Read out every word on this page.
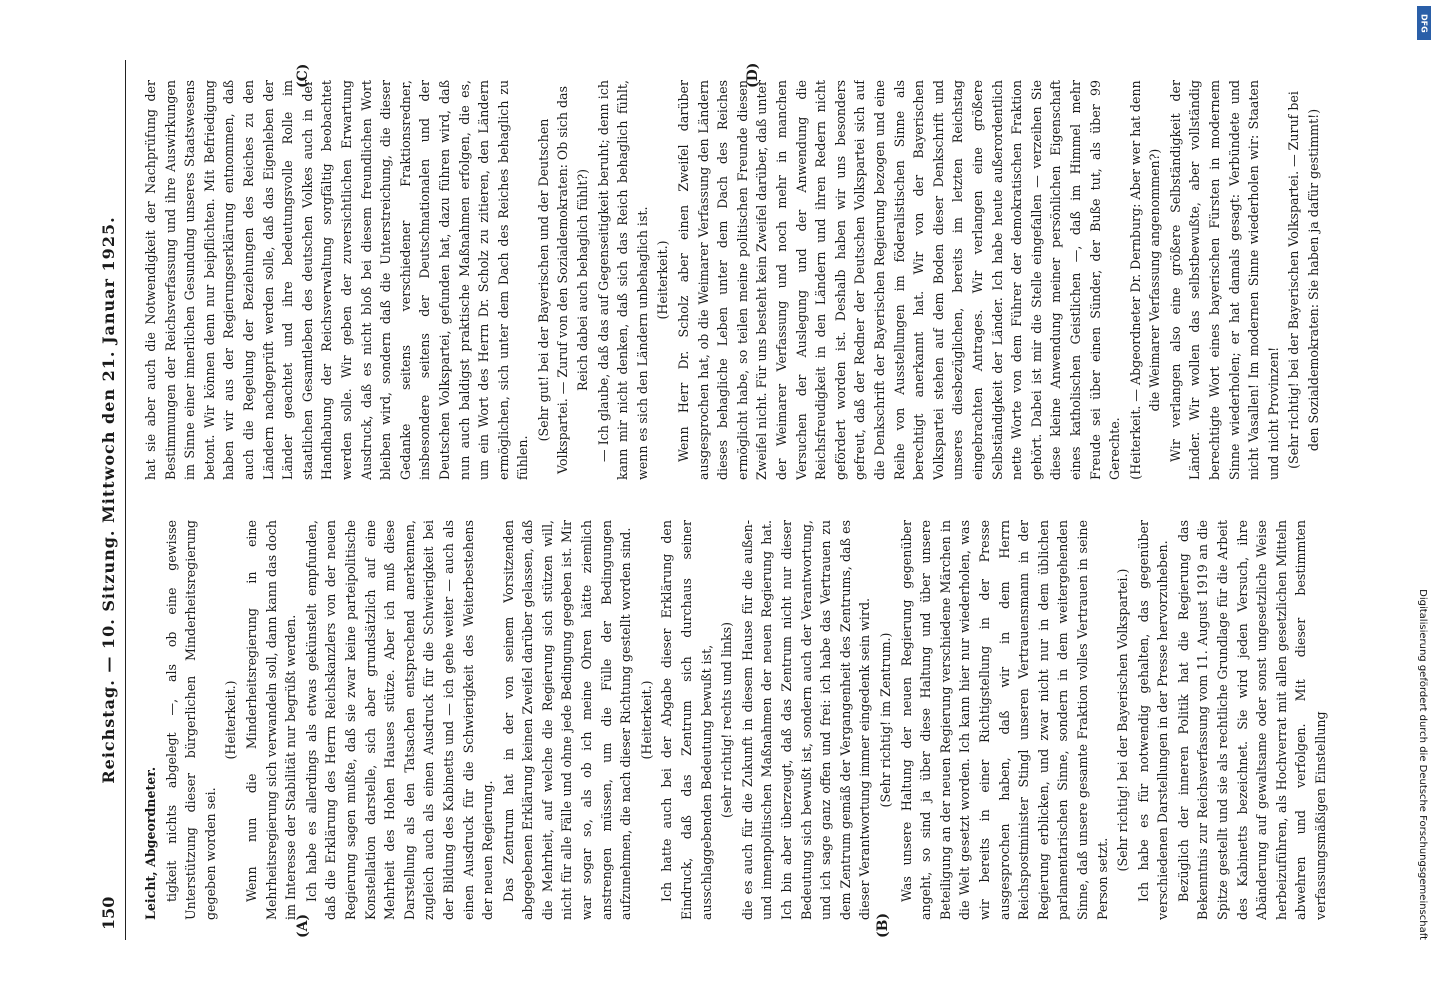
150
Reichstag. — 10. Sitzung. Mittwoch den 21. Januar 1925.
(A)	(B)
(C)	(D)

Leicht, Abgeordneter. tigkeit nichts abgelegt —, als ob eine gewisse Unterstützung dieser bürgerlichen Minderheitsregierung gegeben worden sei.

(Heiterkeit.) Wenn nun die Minderheitsregierung in eine Mehrheitsregierung sich verwandeln soll, dann kann das doch im Interesse der Stabilität nur begrüßt werden. Ich habe es allerdings als etwas gekünstelt empfunden, daß die Erklärung des Herrn Reichskanzlers von der neuen Regierung sagen mußte, daß sie zwar keine parteipolitische Konstellation darstelle, sich aber grundsätzlich auf eine Mehrheit des Hohen Hauses stütze. Aber ich muß diese Darstellung als den Tatsachen entsprechend anerkennen, zugleich auch als einen Ausdruck für die Schwierigkeit bei der Bildung des Kabinetts und — ich gehe weiter — auch als einen Ausdruck für die Schwierigkeit des Weiterbestehens der neuen Regierung. Das Zentrum hat in der von seinem Vorsitzenden abgegebenen Erklärung keinen Zweifel darüber gelassen, daß die Mehrheit, auf welche die Regierung sich stützen will, nicht für alle Fälle und ohne jede Bedingung gegeben ist. Mir war sogar so, als ob ich meine Ohren hätte ziemlich anstrengen müssen, um die Fülle der Bedingungen aufzunehmen, die nach dieser Richtung gestellt worden sind. (Heiterkeit.) Ich hatte auch bei der Abgabe dieser Erklärung den Eindruck, daß das Zentrum sich durchaus seiner ausschlaggebenden Bedeutung bewußt ist, (sehr richtig! rechts und links) die es auch für die Zukunft in diesem Hause für die außen- und innenpolitischen Maßnahmen der neuen Regierung hat. Ich bin aber überzeugt, daß das Zentrum nicht nur dieser Bedeutung sich bewußt ist, sondern auch der Verantwortung, und ich sage ganz offen und frei: ich habe das Vertrauen zu dem Zentrum gemäß der Vergangenheit des Zentrums, daß es dieser Verantwortung immer eingedenk sein wird. (Sehr richtig! im Zentrum.) Was unsere Haltung der neuen Regierung gegenüber angeht, so sind ja über diese Haltung und über unsere Beteiligung an der neuen Regierung verschiedene Märchen in die Welt gesetzt worden. Ich kann hier nur wiederholen, was wir bereits in einer Richtigstellung in der Presse ausgesprochen haben, daß wir in dem Herrn Reichspostminister Stingl unseren Vertrauensmann in der Regierung erblicken, und zwar nicht nur in dem üblichen parlamentarischen Sinne, sondern in dem weitergehenden Sinne, daß unsere gesamte Fraktion volles Vertrauen in seine Person setzt.

(Sehr richtig! bei der Bayerischen Volkspartei.) Ich habe es für notwendig gehalten, das gegenüber verschiedenen Darstellungen in der Presse hervorzuheben. Bezüglich der inneren Politik hat die Regierung das Bekenntnis zur Reichsverfassung vom 11. August 1919 an die Spitze gestellt und sie als rechtliche Grundlage für die Arbeit des Kabinetts bezeichnet. Sie wird jeden Versuch, ihre Abänderung auf gewaltsame oder sonst ungesetzliche Weise herbeizuführen, als Hochverrat mit allen gesetzlichen Mitteln abwehren und verfolgen. Mit dieser bestimmten verfassungsmäßigen Einstellung

hat sie aber auch die Notwendigkeit der Nachprüfung der Bestimmungen der Reichsverfassung und ihre Auswirkungen im Sinne einer innerlichen Gesundung unseres Staatswesens betont. Wir können denn nur beipflichten. Mit Befriedigung haben wir aus der Regierungserklärung entnommen, daß auch die Regelung der Beziehungen des Reiches zu den Ländern nachgeprüft werden solle, daß das Eigenleben der Länder geachtet und ihre bedeutungsvolle Rolle im staatlichen Gesamtleben des deutschen Volkes auch in der Handhabung der Reichsverwaltung sorgfältig beobachtet werden solle. Wir geben der zuversichtlichen Erwartung Ausdruck, daß es nicht bloß bei diesem freundlichen Wort bleiben wird, sondern daß die Unterstreichung, die dieser Gedanke seitens verschiedener Fraktionsredner, insbesondere seitens der Deutschnationalen und der Deutschen Volkspartei, gefunden hat, dazu führen wird, daß nun auch baldigst praktische Maßnahmen erfolgen, die es, um ein Wort des Herrn Dr. Scholz zu zitieren, den Ländern ermöglichen, sich unter dem Dach des Reiches behaglich zu fühlen.

(Sehr gut! bei der Bayerischen und der Deutschen Volkspartei. — Zuruf von den Sozialdemokraten: Ob sich das Reich dabei auch behaglich fühlt?) — Ich glaube, daß das auf Gegenseitigkeit beruht; denn ich kann mir nicht denken, daß sich das Reich behaglich fühlt, wenn es sich den Ländern unbehaglich ist. (Heiterkeit.) Wenn Herr Dr. Scholz aber einen Zweifel darüber ausgesprochen hat, ob die Weimarer Verfassung den Ländern dieses behagliche Leben unter dem Dach des Reiches ermöglicht habe, so teilen meine politischen Freunde diesen Zweifel nicht. Für uns besteht kein Zweifel darüber, daß unter der Weimarer Verfassung und noch mehr in manchen Versuchen der Auslegung und der Anwendung die Reichsfreudigkeit in den Ländern und ihren Redern nicht gefördert worden ist. Deshalb haben wir uns besonders gefreut, daß der Redner der Deutschen Volkspartei sich auf die Denkschrift der Bayerischen Regierung bezogen und eine Reihe von Ausstellungen im föderalistischen Sinne als berechtigt anerkannt hat. Wir von der Bayerischen Volkspartei stehen auf dem Boden dieser Denkschrift und unseres diesbezüglichen, bereits im letzten Reichstag eingebrachten Antrages. Wir verlangen eine größere Selbständigkeit der Länder. Ich habe heute außerordentlich nette Worte von dem Führer der demokratischen Fraktion gehört. Dabei ist mir die Stelle eingefallen — verzeihen Sie diese kleine Anwendung meiner persönlichen Eigenschaft eines katholischen Geistlichen —, daß im Himmel mehr Freude sei über einen Sünder, der Buße tut, als über 99 Gerechte. (Heiterkeit. — Abgeordneter Dr. Dernburg: Aber wer hat denn die Weimarer Verfassung angenommen?) Wir verlangen also eine größere Selbständigkeit der Länder. Wir wollen das selbstbewußte, aber vollständig berechtigte Wort eines bayerischen Fürsten in modernem Sinne wiederholen; er hat damals gesagt: Verbündete und nicht Vasallen! Im modernen Sinne wiederholen wir: Staaten und nicht Provinzen! (Sehr richtig! bei der Bayerischen Volkspartei. — Zuruf bei den Sozialdemokraten: Sie haben ja dafür gestimmt!)

DFG
Digitalisierung gefördert durch die Deutsche Forschungsgemeinschaft
